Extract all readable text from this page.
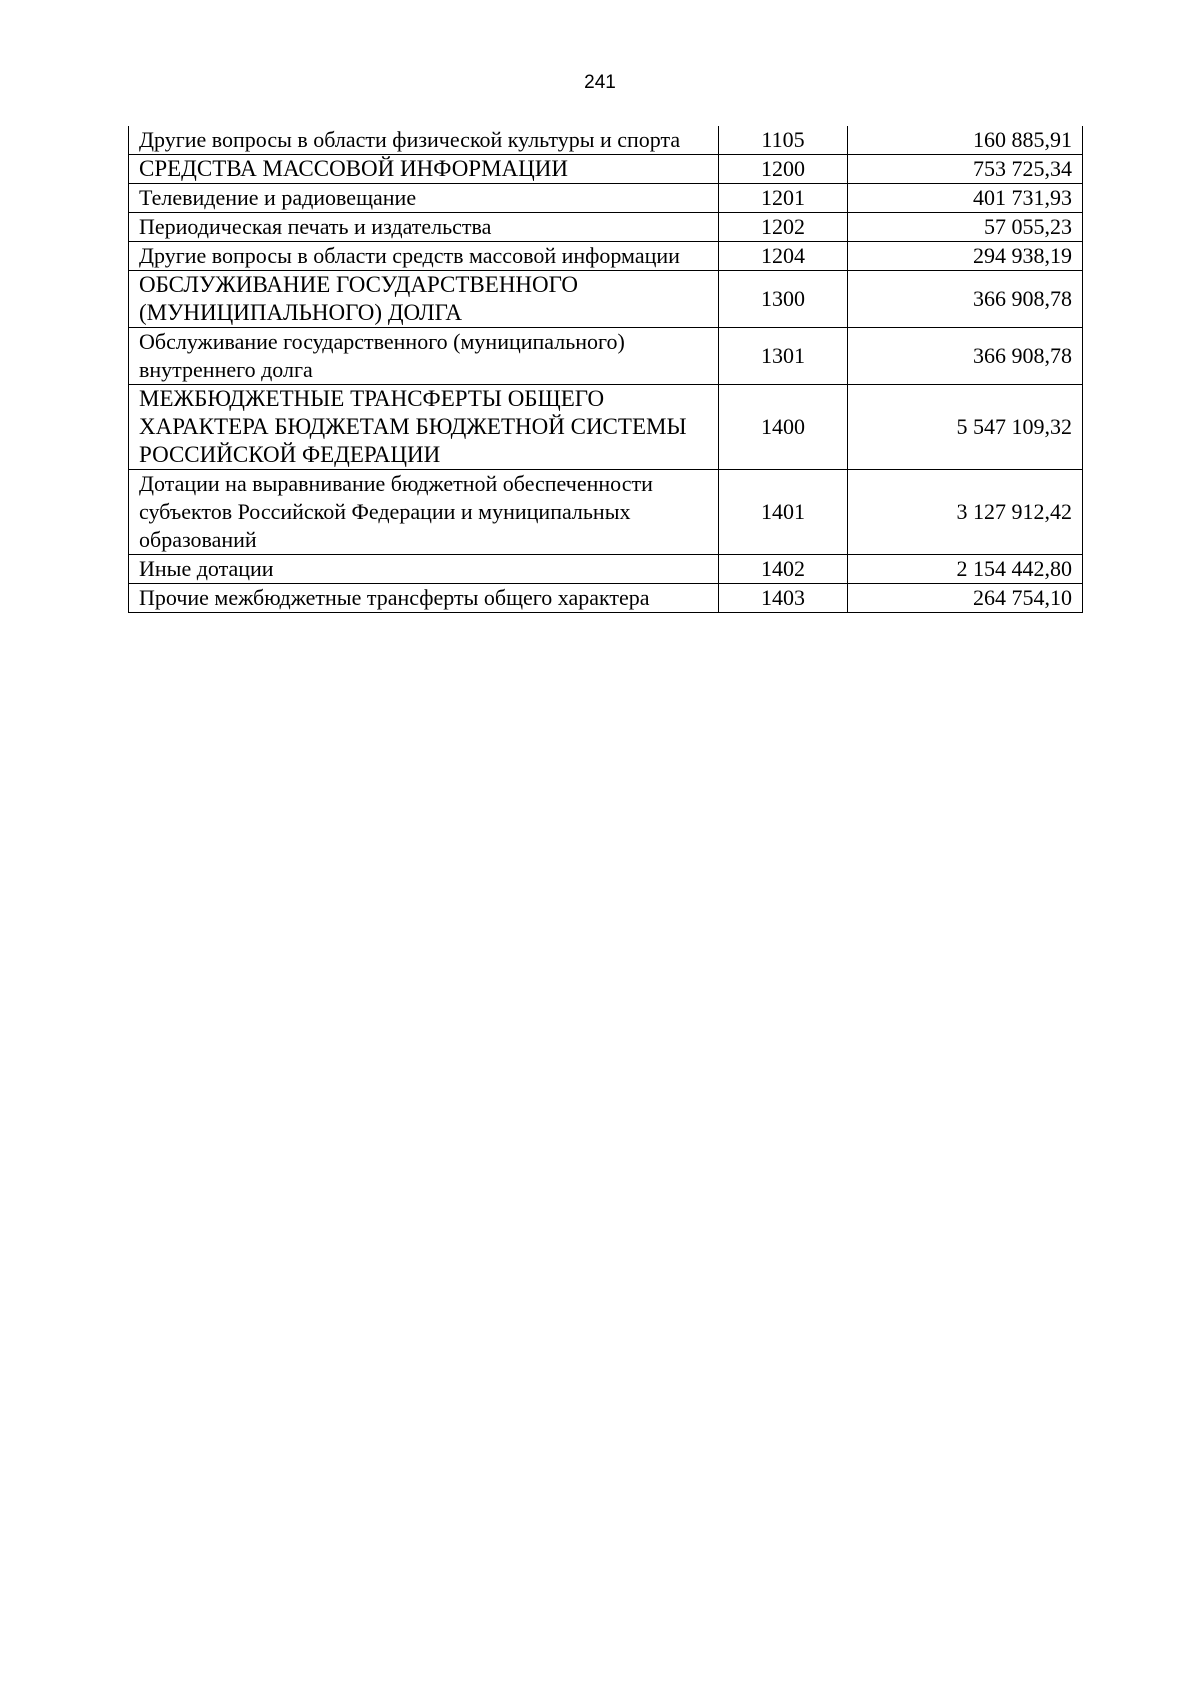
241
Другие вопросы в области физической культуры и спорта	1105	160 885,91
СРЕДСТВА МАССОВОЙ ИНФОРМАЦИИ	1200	753 725,34
Телевидение и радиовещание	1201	401 731,93
Периодическая печать и издательства	1202	57 055,23
Другие вопросы в области средств массовой информации	1204	294 938,19
ОБСЛУЖИВАНИЕ ГОСУДАРСТВЕННОГО (МУНИЦИПАЛЬНОГО) ДОЛГА	1300	366 908,78
Обслуживание государственного (муниципального) внутреннего долга	1301	366 908,78
МЕЖБЮДЖЕТНЫЕ ТРАНСФЕРТЫ ОБЩЕГО ХАРАКТЕРА БЮДЖЕТАМ БЮДЖЕТНОЙ СИСТЕМЫ РОССИЙСКОЙ ФЕДЕРАЦИИ	1400	5 547 109,32
Дотации на выравнивание бюджетной обеспеченности субъектов Российской Федерации и муниципальных образований	1401	3 127 912,42
Иные дотации	1402	2 154 442,80
Прочие межбюджетные трансферты общего характера	1403	264 754,10
